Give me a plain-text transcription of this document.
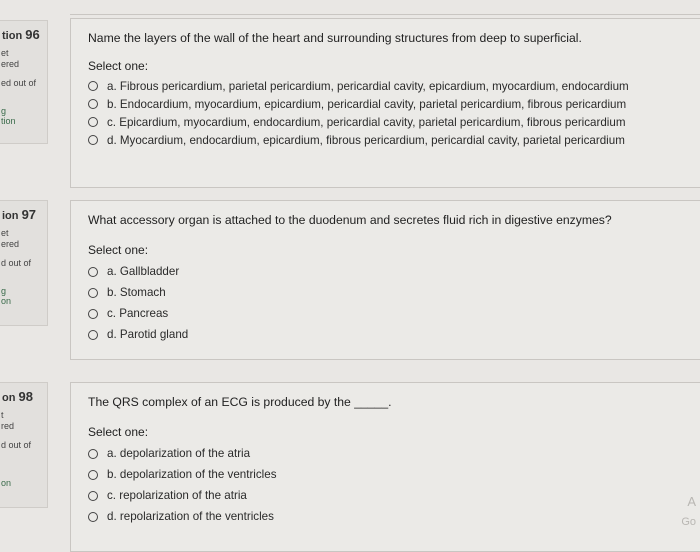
tion 96
et
ered
ed out of
g
tion
Name the layers of the wall of the heart and surrounding structures from deep to superficial.
Select one:
a. Fibrous pericardium, parietal pericardium, pericardial cavity, epicardium, myocardium, endocardium
b. Endocardium, myocardium, epicardium, pericardial cavity, parietal pericardium, fibrous pericardium
c. Epicardium, myocardium, endocardium, pericardial cavity, parietal pericardium, fibrous pericardium
d. Myocardium, endocardium, epicardium, fibrous pericardium, pericardial cavity, parietal pericardium
ion 97
et
ered
d out of
g
on
What accessory organ is attached to the duodenum and secretes fluid rich in digestive enzymes?
Select one:
a. Gallbladder
b. Stomach
c. Pancreas
d. Parotid gland
on 98
t
red
d out of

on
The QRS complex of an ECG is produced by the _____.
Select one:
a. depolarization of the atria
b. depolarization of the ventricles
c. repolarization of the atria
d. repolarization of the ventricles
A
Go
